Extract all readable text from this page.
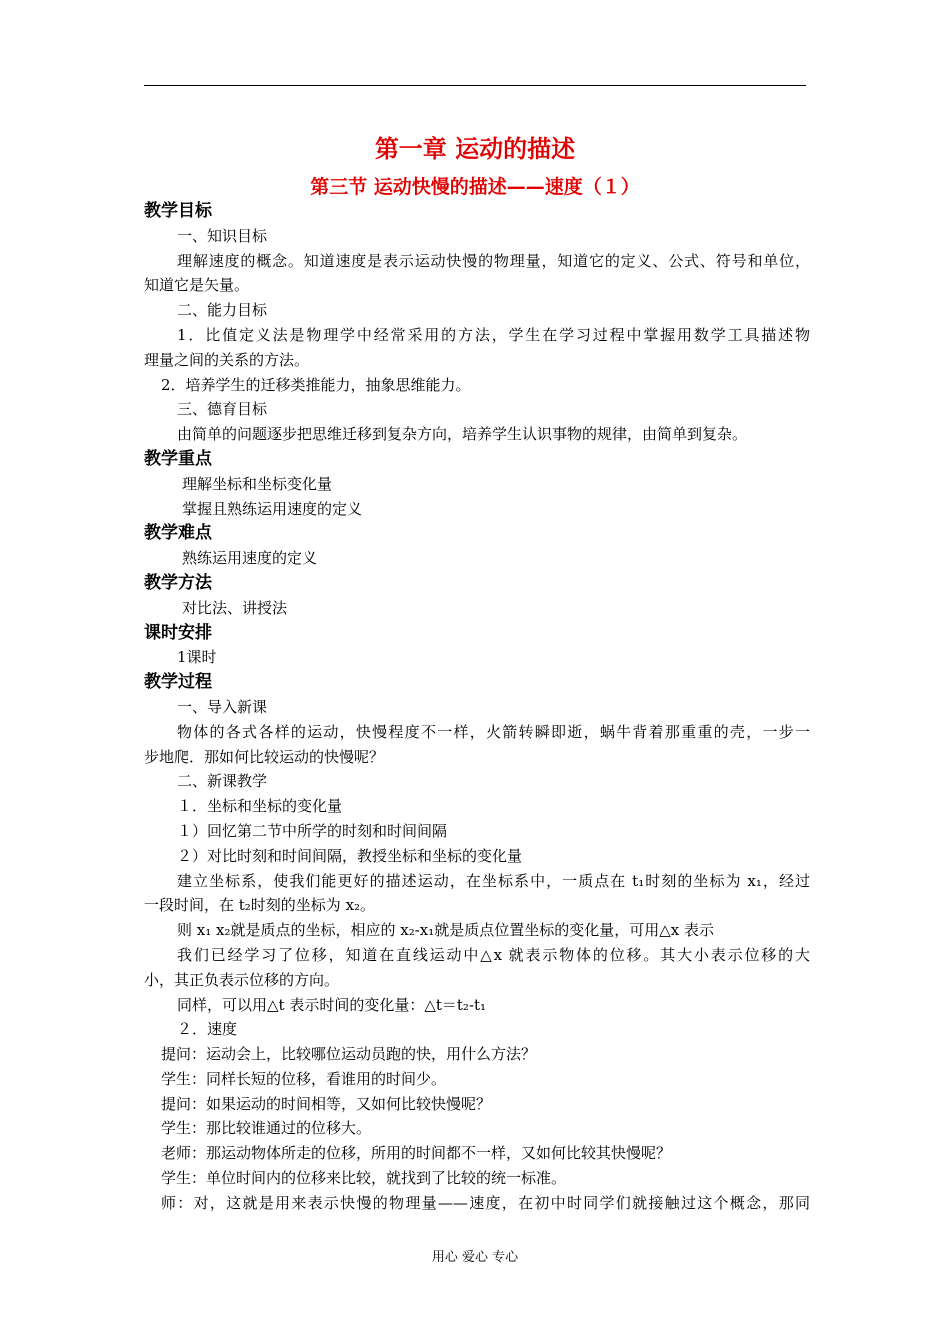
第一章 运动的描述
第三节 运动快慢的描述——速度（１）
教学目标
一、知识目标
理解速度的概念。知道速度是表示运动快慢的物理量，知道它的定义、公式、符号和单位，
知道它是矢量。
二、能力目标
1．比值定义法是物理学中经常采用的方法，学生在学习过程中掌握用数学工具描述物
理量之间的关系的方法。
2．培养学生的迁移类推能力，抽象思维能力。
三、德育目标
由简单的问题逐步把思维迁移到复杂方向，培养学生认识事物的规律，由简单到复杂。
教学重点
理解坐标和坐标变化量
掌握且熟练运用速度的定义
教学难点
熟练运用速度的定义
教学方法
对比法、讲授法
课时安排
1课时
教学过程
一、导入新课
物体的各式各样的运动，快慢程度不一样，火箭转瞬即逝，蜗牛背着那重重的壳，一步一
步地爬．那如何比较运动的快慢呢？
二、新课教学
１．坐标和坐标的变化量
１）回忆第二节中所学的时刻和时间间隔
２）对比时刻和时间间隔，教授坐标和坐标的变化量
建立坐标系，使我们能更好的描述运动，在坐标系中，一质点在 t₁时刻的坐标为 x₁，经过
一段时间，在 t₂时刻的坐标为 x₂。
则 x₁ x₂就是质点的坐标，相应的 x₂-x₁就是质点位置坐标的变化量，可用△x 表示
我们已经学习了位移，知道在直线运动中△x 就表示物体的位移。其大小表示位移的大
小，其正负表示位移的方向。
同样，可以用△t 表示时间的变化量：△t＝t₂-t₁
２．速度
提问：运动会上，比较哪位运动员跑的快，用什么方法？
学生：同样长短的位移，看谁用的时间少。
提问：如果运动的时间相等，又如何比较快慢呢？
学生：那比较谁通过的位移大。
老师：那运动物体所走的位移，所用的时间都不一样，又如何比较其快慢呢？
学生：单位时间内的位移来比较，就找到了比较的统一标准。
师：对，这就是用来表示快慢的物理量——速度，在初中时同学们就接触过这个概念，那同
用心 爱心 专心
